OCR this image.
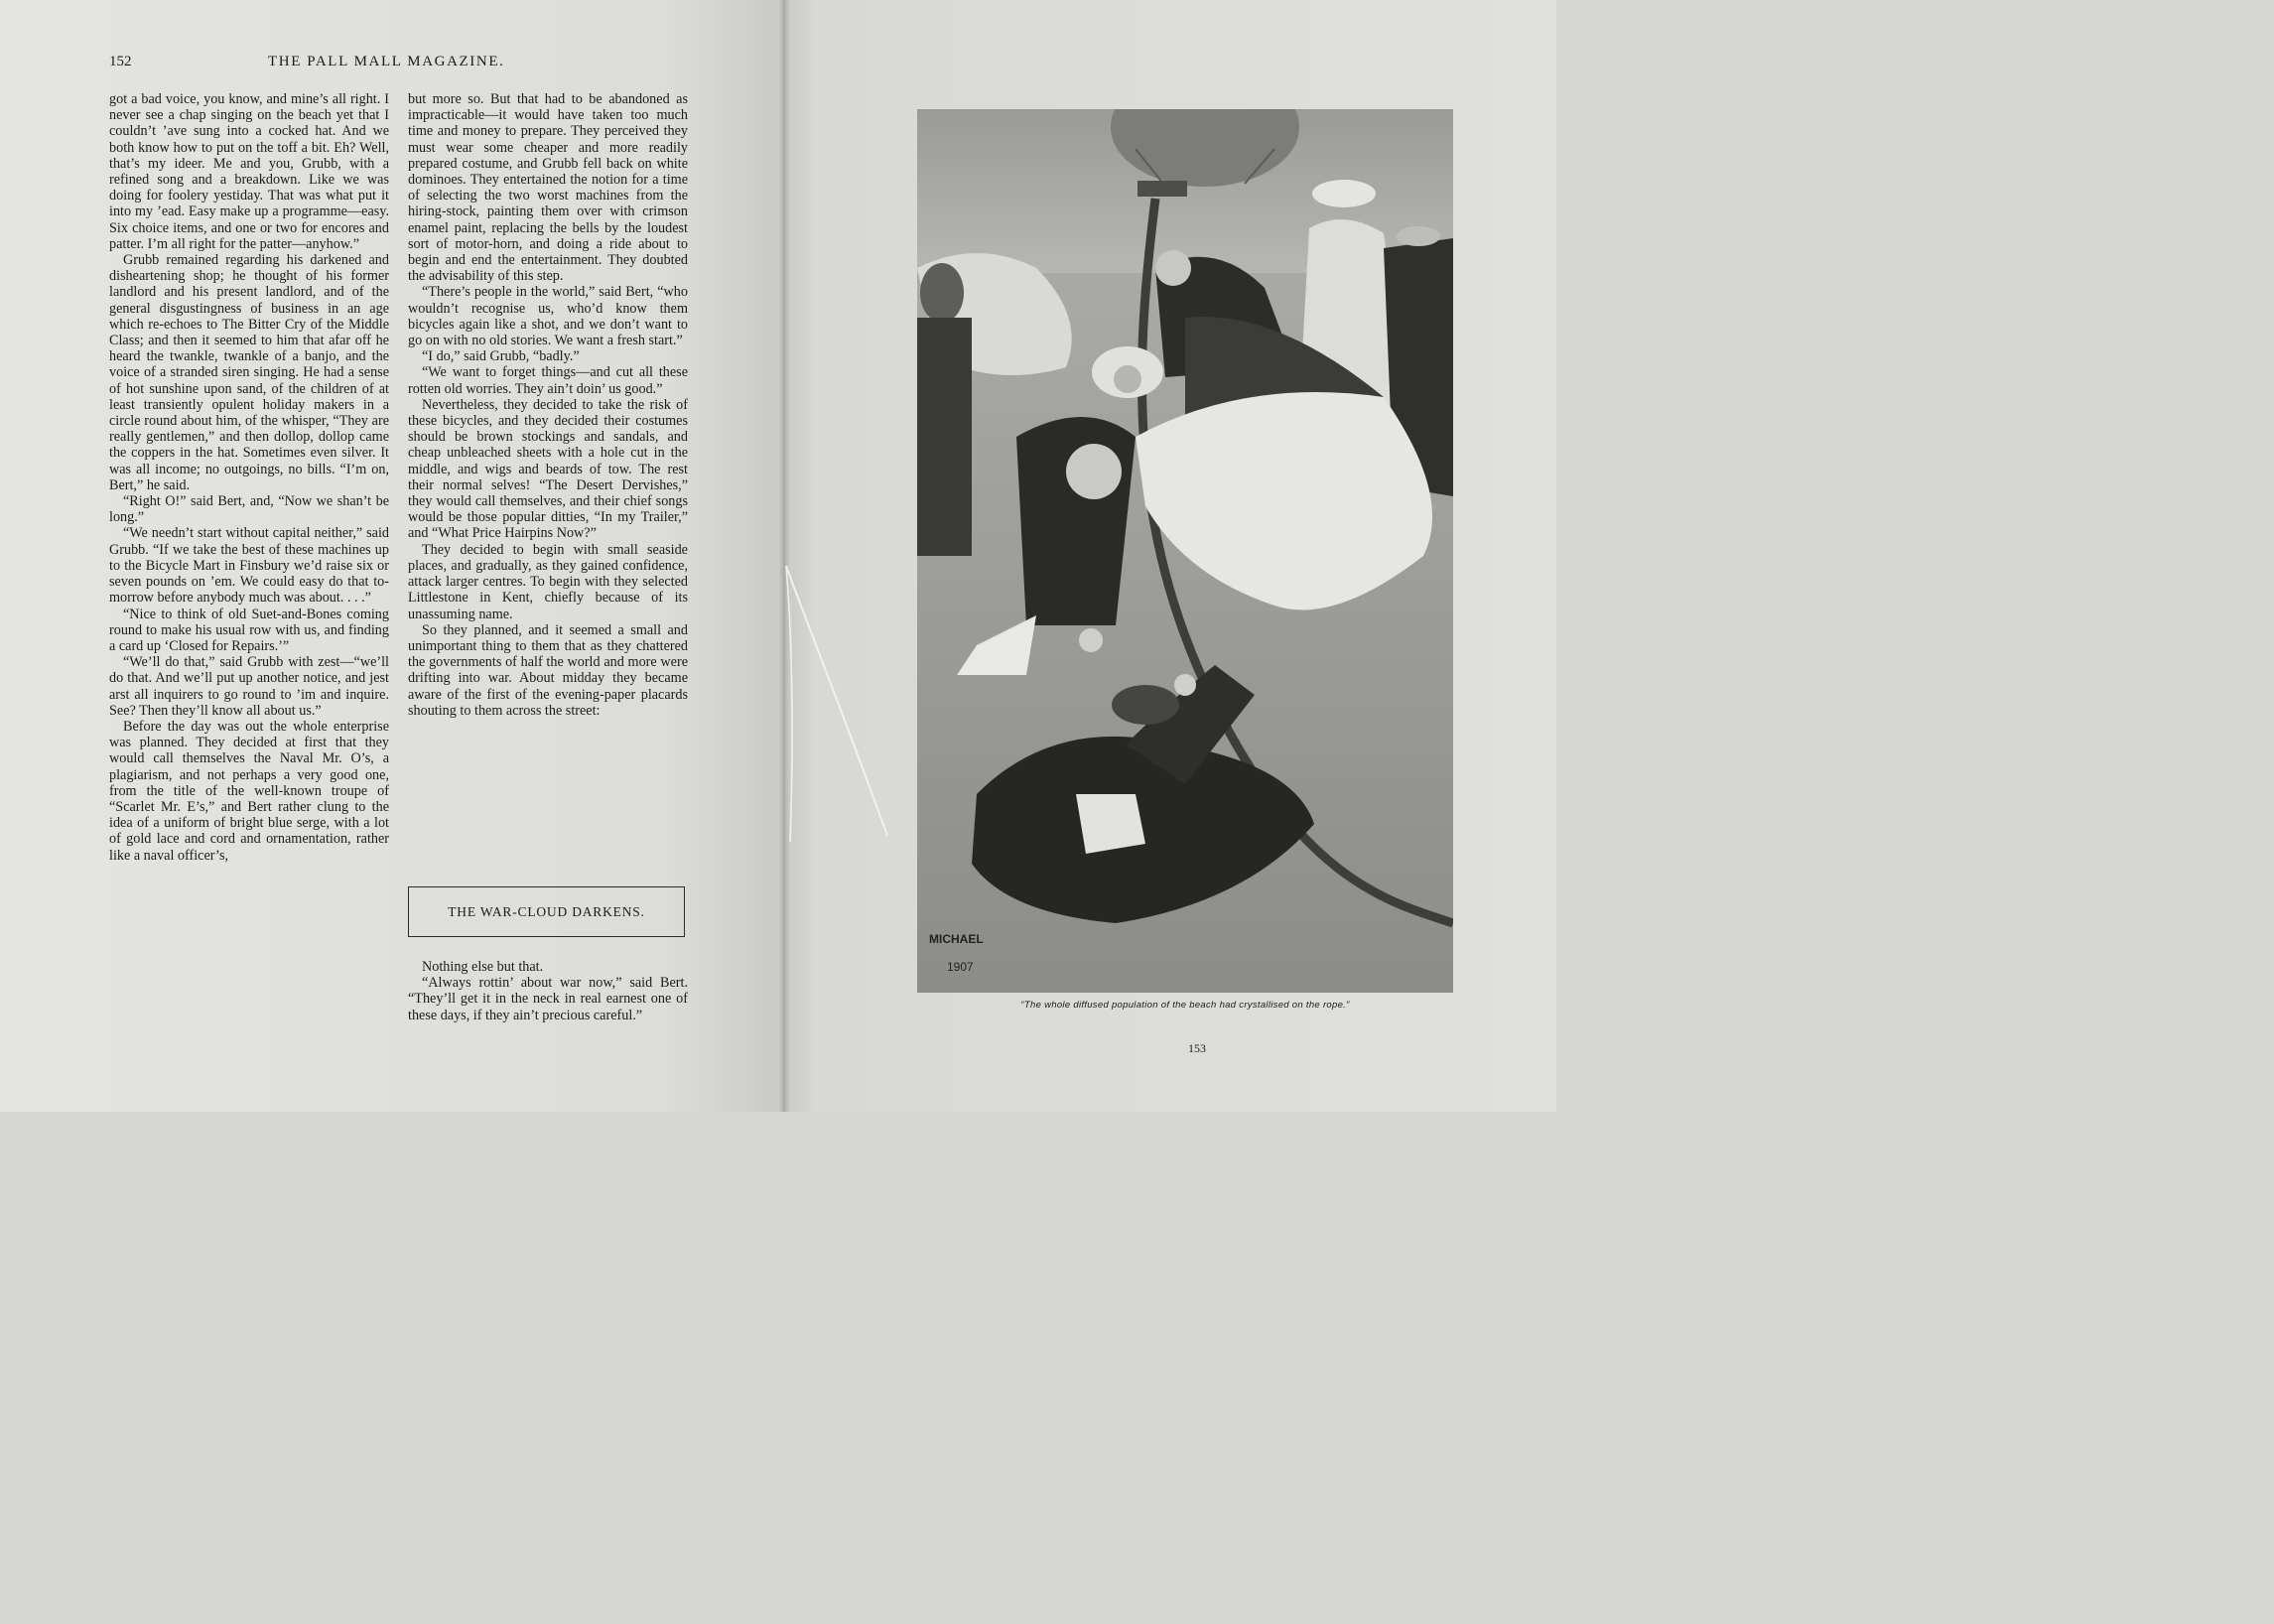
152	THE PALL MALL MAGAZINE.

got a bad voice, you know, and mine’s all right. I never see a chap singing on the beach yet that I couldn’t ’ave sung into a cocked hat. And we both know how to put on the toff a bit. Eh? Well, that’s my ideer. Me and you, Grubb, with a refined song and a breakdown. Like we was doing for foolery yestiday. That was what put it into my ’ead. Easy make up a programme—easy. Six choice items, and one or two for encores and patter. I’m all right for the patter—anyhow.”

Grubb remained regarding his darkened and disheartening shop; he thought of his former landlord and his present landlord, and of the general disgustingness of business in an age which re-echoes to The Bitter Cry of the Middle Class; and then it seemed to him that afar off he heard the twankle, twankle of a banjo, and the voice of a stranded siren singing. He had a sense of hot sunshine upon sand, of the children of at least transiently opulent holiday makers in a circle round about him, of the whisper, “They are really gentlemen,” and then dollop, dollop came the coppers in the hat. Sometimes even silver. It was all income; no outgoings, no bills. “I’m on, Bert,” he said.

“Right O!” said Bert, and, “Now we shan’t be long.”

“We needn’t start without capital neither,” said Grubb. “If we take the best of these machines up to the Bicycle Mart in Finsbury we’d raise six or seven pounds on ’em. We could easy do that to-morrow before anybody much was about. . . .”

“Nice to think of old Suet-and-Bones coming round to make his usual row with us, and finding a card up ‘Closed for Repairs.’”

“We’ll do that,” said Grubb with zest—“we’ll do that. And we’ll put up another notice, and jest arst all inquirers to go round to ’im and inquire. See? Then they’ll know all about us.”

Before the day was out the whole enterprise was planned. They decided at first that they would call themselves the Naval Mr. O’s, a plagiarism, and not perhaps a very good one, from the title of the well-known troupe of “Scarlet Mr. E’s,” and Bert rather clung to the idea of a uniform of bright blue serge, with a lot of gold lace and cord and ornamentation, rather like a naval officer’s,

but more so. But that had to be abandoned as impracticable—it would have taken too much time and money to prepare. They perceived they must wear some cheaper and more readily prepared costume, and Grubb fell back on white dominoes. They entertained the notion for a time of selecting the two worst machines from the hiring-stock, painting them over with crimson enamel paint, replacing the bells by the loudest sort of motor-horn, and doing a ride about to begin and end the entertainment. They doubted the advisability of this step.

“There’s people in the world,” said Bert, “who wouldn’t recognise us, who’d know them bicycles again like a shot, and we don’t want to go on with no old stories. We want a fresh start.”

“I do,” said Grubb, “badly.”

“We want to forget things—and cut all these rotten old worries. They ain’t doin’ us good.”

Nevertheless, they decided to take the risk of these bicycles, and they decided their costumes should be brown stockings and sandals, and cheap unbleached sheets with a hole cut in the middle, and wigs and beards of tow. The rest their normal selves! “The Desert Dervishes,” they would call themselves, and their chief songs would be those popular ditties, “In my Trailer,” and “What Price Hairpins Now?”

They decided to begin with small seaside places, and gradually, as they gained confidence, attack larger centres. To begin with they selected Littlestone in Kent, chiefly because of its unassuming name.

So they planned, and it seemed a small and unimportant thing to them that as they chattered the governments of half the world and more were drifting into war. About midday they became aware of the first of the evening-paper placards shouting to them across the street:

THE WAR-CLOUD DARKENS.

Nothing else but that.

“Always rottin’ about war now,” said Bert. “They’ll get it in the neck in real earnest one of these days, if they ain’t precious careful.”

MICHAEL
1907
“The whole diffused population of the beach had crystallised on the rope.”
153
